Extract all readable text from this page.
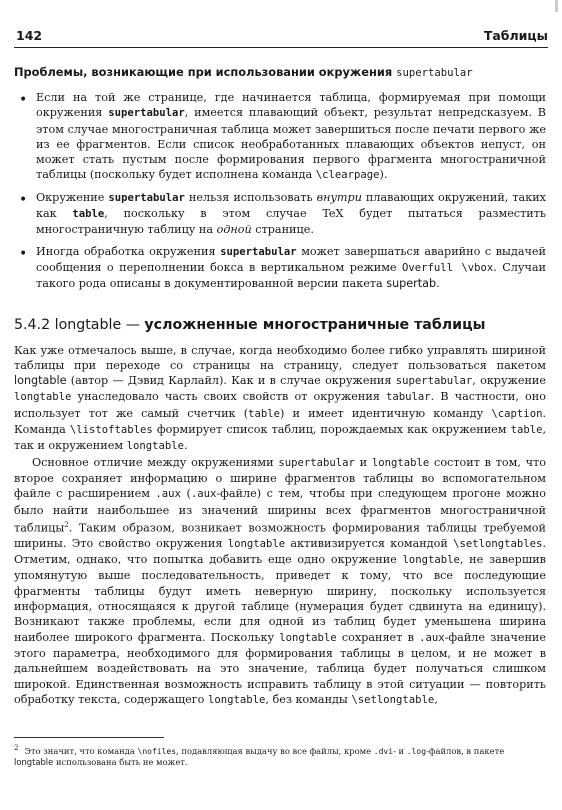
142	Таблицы
Проблемы, возникающие при использовании окружения supertabular
• Если на той же странице, где начинается таблица, формируемая при помощи окружения supertabular, имеется плавающий объект, результат непредсказуем. В этом случае многостраничная таблица может завершиться после печати первого же из ее фрагментов. Если список необработанных плавающих объектов непуст, он может стать пустым после формирования первого фрагмента многостраничной таблицы (поскольку будет исполнена команда \clearpage).
• Окружение supertabular нельзя использовать внутри плавающих окружений, таких как table, поскольку в этом случае TeX будет пытаться разместить многостраничную таблицу на одной странице.
• Иногда обработка окружения supertabular может завершаться аварийно с выдачей сообщения о переполнении бокса в вертикальном режиме Overfull \vbox. Случаи такого рода описаны в документированной версии пакета supertab.
5.4.2 longtable — усложненные многостраничные таблицы

Как уже отмечалось выше, в случае, когда необходимо более гибко управлять шириной таблицы при переходе со страницы на страницу, следует пользоваться пакетом longtable (автор — Дэвид Карлайл). Как и в случае окружения supertabular, окружение longtable унаследовало часть своих свойств от окружения tabular. В частности, оно использует тот же самый счетчик (table) и имеет идентичную команду \caption. Команда \listoftables формирует список таблиц, порождаемых как окружением table, так и окружением longtable.

Основное отличие между окружениями supertabular и longtable состоит в том, что второе сохраняет информацию о ширине фрагментов таблицы во вспомогательном файле с расширением .aux (.aux-файле) с тем, чтобы при следующем прогоне можно было найти наибольшее из значений ширины всех фрагментов многостраничной таблицы$^2$. Таким образом, возникает возможность формирования таблицы требуемой ширины. Это свойство окружения longtable активизируется командой \setlongtables. Отметим, однако, что попытка добавить еще одно окружение longtable, не завершив упомянутую выше последовательность, приведет к тому, что все последующие фрагменты таблицы будут иметь неверную ширину, поскольку используется информация, относящаяся к другой таблице (нумерация будет сдвинута на единицу). Возникают также проблемы, если для одной из таблиц будет уменьшена ширина наиболее широкого фрагмента. Поскольку longtable сохраняет в .aux-файле значение этого параметра, необходимого для формирования таблицы в целом, и не может в дальнейшем воздействовать на это значение, таблица будет получаться слишком широкой. Единственная возможность исправить таблицу в этой ситуации — повторить обработку текста, содержащего longtable, без команды \setlongtable,

$^2$ Это значит, что команда \nofiles, подавляющая выдачу во все файлы, кроме .dvi- и .log-файлов, в пакете longtable использована быть не может.
